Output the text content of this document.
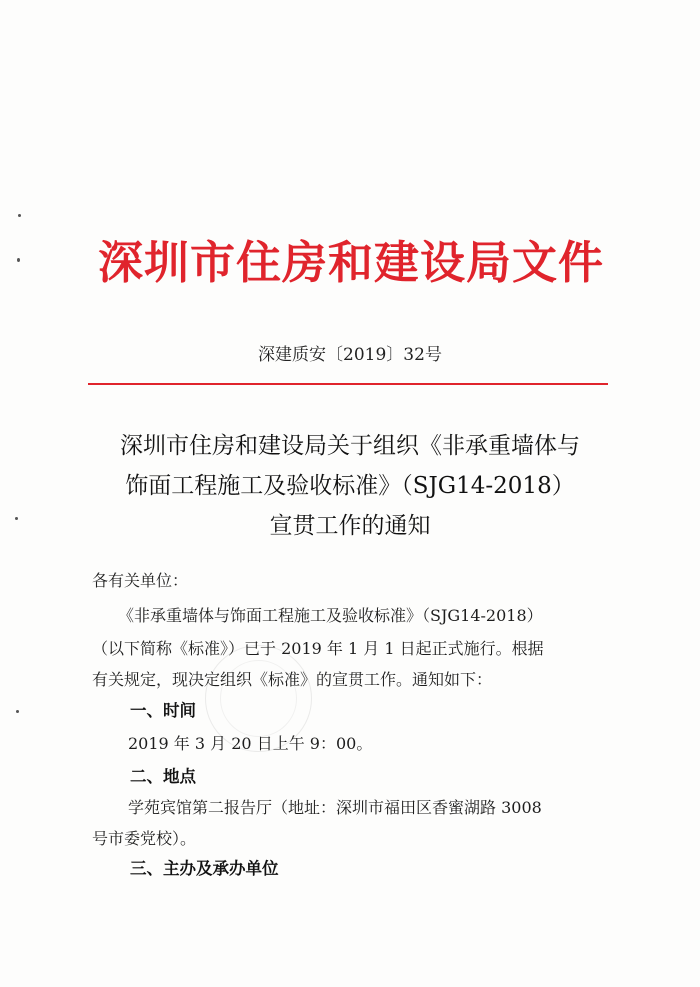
深圳市住房和建设局文件
深建质安〔2019〕32号
深圳市住房和建设局关于组织《非承重墙体与
饰面工程施工及验收标准》（SJG14-2018）
宣贯工作的通知
各有关单位：
《非承重墙体与饰面工程施工及验收标准》（SJG14-2018）
（以下简称《标准》）已于 2019 年 1 月 1 日起正式施行。根据
有关规定，现决定组织《标准》的宣贯工作。通知如下：
一、时间
2019 年 3 月 20 日上午 9：00。
二、地点
学苑宾馆第二报告厅（地址：深圳市福田区香蜜湖路 3008
号市委党校）。
三、主办及承办单位
